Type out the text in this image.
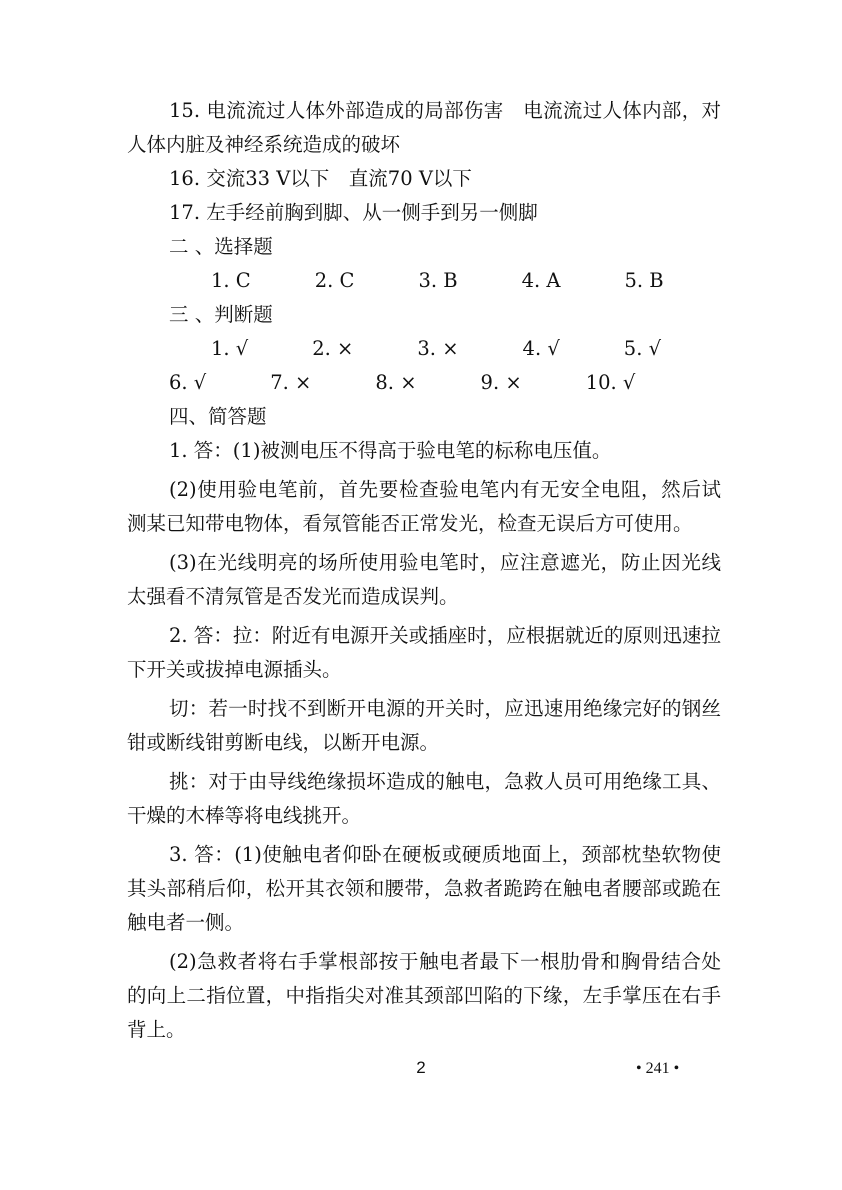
15. 电流流过人体外部造成的局部伤害　电流流过人体内部，对人体内脏及神经系统造成的破坏

16. 交流33 V以下　直流70 V以下

17. 左手经前胸到脚、从一侧手到另一侧脚

二 、选择题

1. C	2. C	3. B	4. A	5. B

三 、判断题

1. √	2. ×	3. ×	4. √	5. √6. √	7. ×	8. ×	9. ×	10. √

四、简答题

1. 答：(1)被测电压不得高于验电笔的标称电压值。

(2)使用验电笔前，首先要检查验电笔内有无安全电阻，然后试测某已知带电物体，看氖管能否正常发光，检查无误后方可使用。

(3)在光线明亮的场所使用验电笔时，应注意遮光，防止因光线太强看不清氖管是否发光而造成误判。

2. 答：拉：附近有电源开关或插座时，应根据就近的原则迅速拉下开关或拔掉电源插头。

切：若一时找不到断开电源的开关时，应迅速用绝缘完好的钢丝钳或断线钳剪断电线，以断开电源。

挑：对于由导线绝缘损坏造成的触电，急救人员可用绝缘工具、干燥的木棒等将电线挑开。

3. 答：(1)使触电者仰卧在硬板或硬质地面上，颈部枕垫软物使其头部稍后仰，松开其衣领和腰带，急救者跪跨在触电者腰部或跪在触电者一侧。

(2)急救者将右手掌根部按于触电者最下一根肋骨和胸骨结合处的向上二指位置，中指指尖对准其颈部凹陷的下缘，左手掌压在右手背上。

2	• 241 •
